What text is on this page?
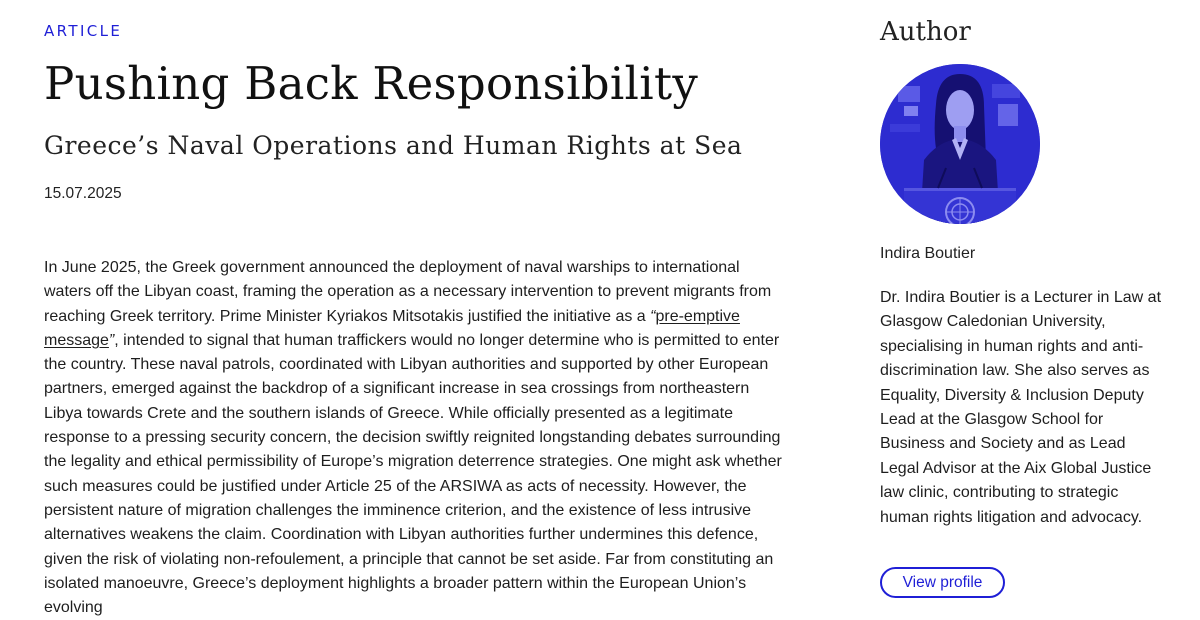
ARTICLE
Pushing Back Responsibility
Greece’s Naval Operations and Human Rights at Sea
15.07.2025
In June 2025, the Greek government announced the deployment of naval warships to international waters off the Libyan coast, framing the operation as a necessary intervention to prevent migrants from reaching Greek territory. Prime Minister Kyriakos Mitsotakis justified the initiative as a “pre-emptive message”, intended to signal that human traffickers would no longer determine who is permitted to enter the country. These naval patrols, coordinated with Libyan authorities and supported by other European partners, emerged against the backdrop of a significant increase in sea crossings from northeastern Libya towards Crete and the southern islands of Greece. While officially presented as a legitimate response to a pressing security concern, the decision swiftly reignited longstanding debates surrounding the legality and ethical permissibility of Europe’s migration deterrence strategies. One might ask whether such measures could be justified under Article 25 of the ARSIWA as acts of necessity. However, the persistent nature of migration challenges the imminence criterion, and the existence of less intrusive alternatives weakens the claim. Coordination with Libyan authorities further undermines this defence, given the risk of violating non-refoulement, a principle that cannot be set aside. Far from constituting an isolated manoeuvre, Greece’s deployment highlights a broader pattern within the European Union’s evolving
Author
Indira Boutier
Dr. Indira Boutier is a Lecturer in Law at Glasgow Caledonian University, specialising in human rights and anti-discrimination law. She also serves as Equality, Diversity & Inclusion Deputy Lead at the Glasgow School for Business and Society and as Lead Legal Advisor at the Aix Global Justice law clinic, contributing to strategic human rights litigation and advocacy.
View profile
